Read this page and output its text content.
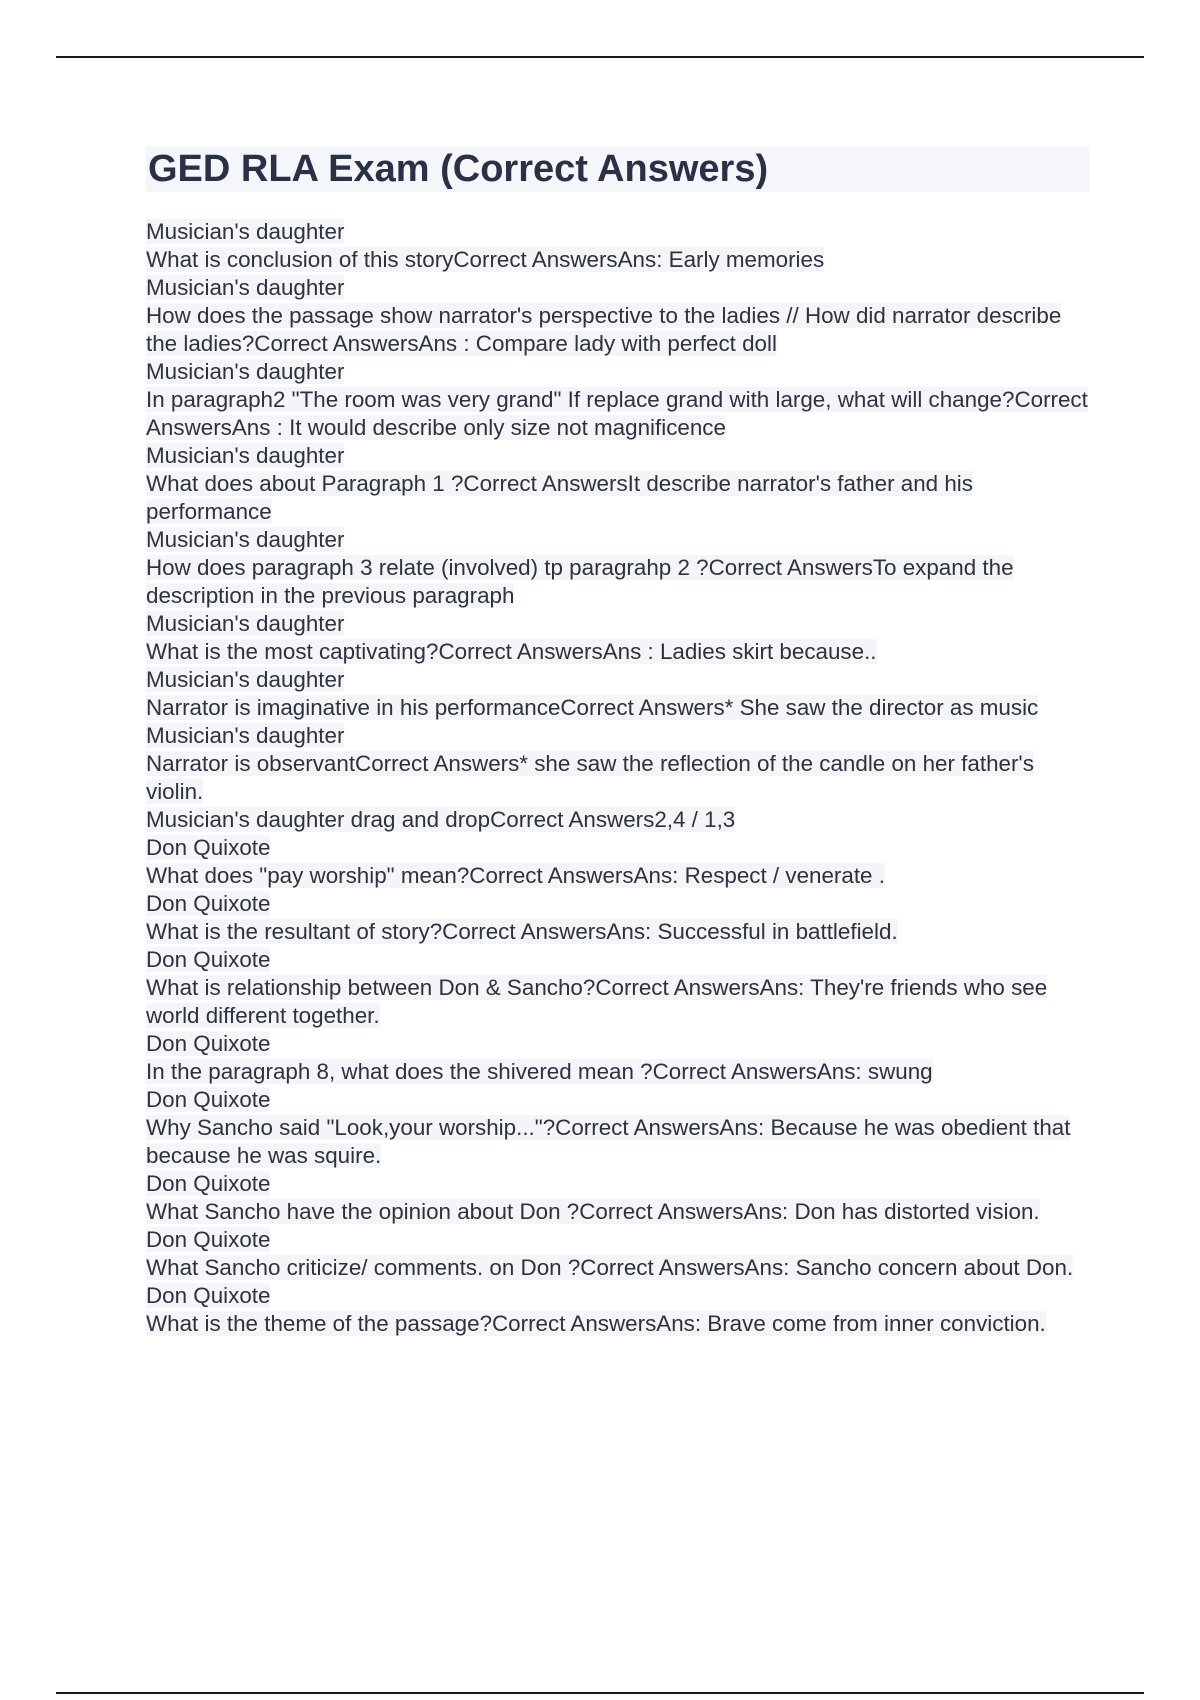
GED RLA Exam (Correct Answers)

Musician's daughter

What is conclusion of this storyCorrect AnswersAns: Early memories

Musician's daughter

How does the passage show narrator's perspective to the ladies // How did narrator describe the ladies?Correct AnswersAns : Compare lady with perfect doll

Musician's daughter

In paragraph2 "The room was very grand" If replace grand with large, what will change?Correct AnswersAns : It would describe only size not magnificence

Musician's daughter

What does about Paragraph 1 ?Correct AnswersIt describe narrator's father and his performance

Musician's daughter

How does paragraph 3 relate (involved) tp paragrahp 2 ?Correct AnswersTo expand the description in the previous paragraph

Musician's daughter

What is the most captivating?Correct AnswersAns : Ladies skirt because..

Musician's daughter

Narrator is imaginative in his performanceCorrect Answers* She saw the director as music

Musician's daughter

Narrator is observantCorrect Answers* she saw the reflection of the candle on her father's violin.

Musician's daughter drag and dropCorrect Answers2,4 / 1,3

Don Quixote

What does "pay worship" mean?Correct AnswersAns: Respect / venerate .

Don Quixote

What is the resultant of story?Correct AnswersAns: Successful in battlefield.

Don Quixote

What is relationship between Don & Sancho?Correct AnswersAns: They're friends who see world different together.

Don Quixote

In the paragraph 8, what does the shivered mean ?Correct AnswersAns: swung

Don Quixote

Why Sancho said "Look,your worship..."?Correct AnswersAns: Because he was obedient that because he was squire.

Don Quixote

What Sancho have the opinion about Don ?Correct AnswersAns: Don has distorted vision.

Don Quixote

What Sancho criticize/ comments. on Don ?Correct AnswersAns: Sancho concern about Don.

Don Quixote

What is the theme of the passage?Correct AnswersAns: Brave come from inner conviction.
